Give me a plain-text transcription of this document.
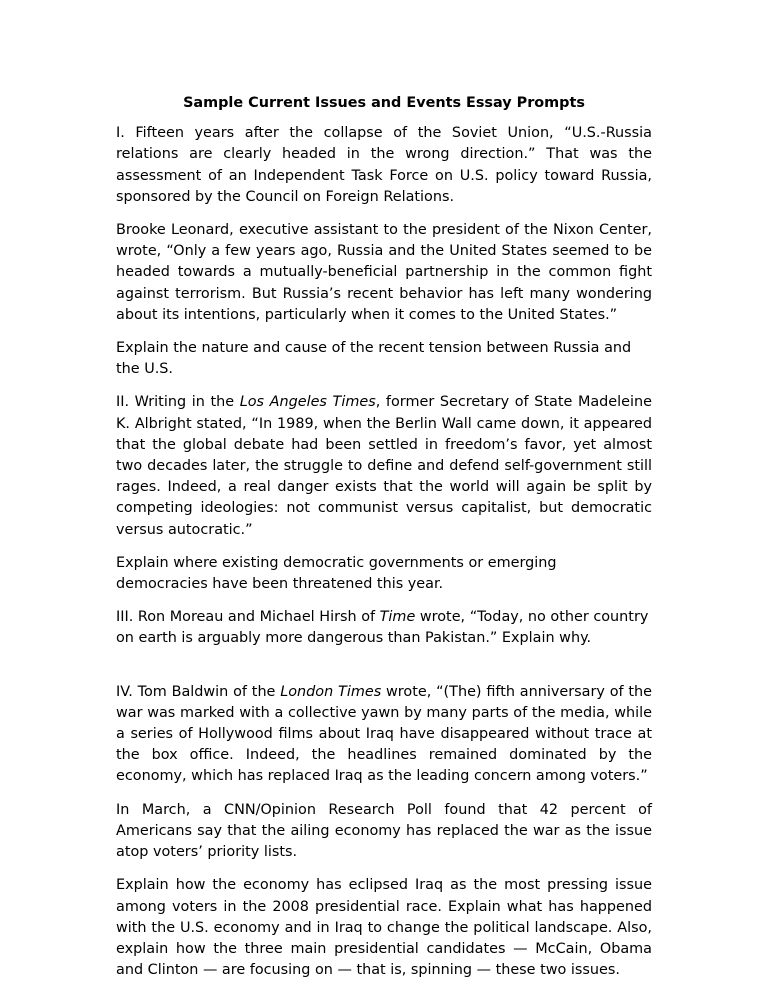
Sample Current Issues and Events Essay Prompts

I. Fifteen years after the collapse of the Soviet Union, “U.S.-Russia relations are clearly headed in the wrong direction.” That was the assessment of an Independent Task Force on U.S. policy toward Russia, sponsored by the Council on Foreign Relations.

Brooke Leonard, executive assistant to the president of the Nixon Center, wrote, “Only a few years ago, Russia and the United States seemed to be headed towards a mutually-beneficial partnership in the common fight against terrorism. But Russia’s recent behavior has left many wondering about its intentions, particularly when it comes to the United States.”

Explain the nature and cause of the recent tension between Russia and the U.S.

II. Writing in the Los Angeles Times, former Secretary of State Madeleine K. Albright stated, “In 1989, when the Berlin Wall came down, it appeared that the global debate had been settled in freedom’s favor, yet almost two decades later, the struggle to define and defend self-government still rages. Indeed, a real danger exists that the world will again be split by competing ideologies: not communist versus capitalist, but democratic versus autocratic.”

Explain where existing democratic governments or emerging democracies have been threatened this year.

III. Ron Moreau and Michael Hirsh of Time wrote, “Today, no other country on earth is arguably more dangerous than Pakistan.” Explain why.

IV. Tom Baldwin of the London Times wrote, “(The) fifth anniversary of the war was marked with a collective yawn by many parts of the media, while a series of Hollywood films about Iraq have disappeared without trace at the box office. Indeed, the headlines remained dominated by the economy, which has replaced Iraq as the leading concern among voters.”

In March, a CNN/Opinion Research Poll found that 42 percent of Americans say that the ailing economy has replaced the war as the issue atop voters’ priority lists.

Explain how the economy has eclipsed Iraq as the most pressing issue among voters in the 2008 presidential race. Explain what has happened with the U.S. economy and in Iraq to change the political landscape. Also, explain how the three main presidential candidates — McCain, Obama and Clinton — are focusing on — that is, spinning — these two issues.
